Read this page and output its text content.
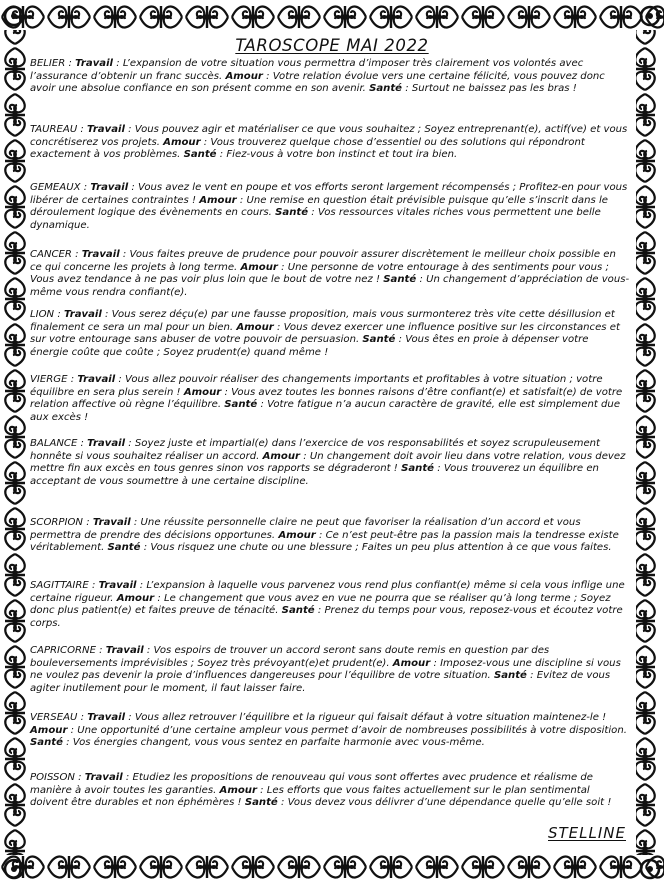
TAROSCOPE MAI 2022

BELIER : Travail : L’expansion de votre situation vous permettra d’imposer très clairement vos volontés avec l’assurance d’obtenir un franc succès. Amour : Votre relation évolue vers une certaine félicité, vous pouvez donc avoir une absolue confiance en son présent comme en son avenir. Santé : Surtout ne baissez pas les bras !

TAUREAU : Travail : Vous pouvez agir et matérialiser ce que vous souhaitez ; Soyez entreprenant(e), actif(ve) et vous concrétiserez vos projets. Amour : Vous trouverez quelque chose d’essentiel ou des solutions qui répondront exactement à vos problèmes. Santé : Fiez-vous à votre bon instinct et tout ira bien.

GEMEAUX : Travail : Vous avez le vent en poupe et vos efforts seront largement récompensés ; Profitez-en pour vous libérer de certaines contraintes ! Amour : Une remise en question était prévisible puisque qu’elle s’inscrit dans le déroulement logique des évènements en cours. Santé : Vos ressources vitales riches vous permettent une belle dynamique.

CANCER : Travail : Vous faites preuve de prudence pour pouvoir assurer discrètement le meilleur choix possible en ce qui concerne les projets à long terme. Amour : Une personne de votre entourage à des sentiments pour vous ; Vous avez tendance à ne pas voir plus loin que le bout de votre nez ! Santé : Un changement d’appréciation de vous-même vous rendra confiant(e).

LION : Travail : Vous serez déçu(e) par une fausse proposition, mais vous surmonterez très vite cette désillusion et finalement ce sera un mal pour un bien. Amour : Vous devez exercer une influence positive sur les circonstances et sur votre entourage sans abuser de votre pouvoir de persuasion. Santé : Vous êtes en proie à dépenser votre énergie coûte que coûte ; Soyez prudent(e) quand même !

VIERGE : Travail : Vous allez pouvoir réaliser des changements importants et profitables à votre situation ; votre équilibre en sera plus serein ! Amour : Vous avez toutes les bonnes raisons d’être confiant(e) et satisfait(e) de votre relation affective où règne l’équilibre. Santé : Votre fatigue n’a aucun caractère de gravité, elle est simplement due aux excès !

BALANCE : Travail : Soyez juste et impartial(e) dans l’exercice de vos responsabilités et soyez scrupuleusement honnête si vous souhaitez réaliser un accord. Amour : Un changement doit avoir lieu dans votre relation, vous devez mettre fin aux excès en tous genres sinon vos rapports se dégraderont ! Santé : Vous trouverez un équilibre en acceptant de vous soumettre à une certaine discipline.

SCORPION : Travail : Une réussite personnelle claire ne peut que favoriser la réalisation d’un accord et vous permettra de prendre des décisions opportunes. Amour : Ce n’est peut-être pas la passion mais la tendresse existe véritablement. Santé : Vous risquez une chute ou une blessure ; Faites un peu plus attention à ce que vous faites.

SAGITTAIRE : Travail : L’expansion à laquelle vous parvenez vous rend plus confiant(e) même si cela vous inflige une certaine rigueur. Amour : Le changement que vous avez en vue ne pourra que se réaliser qu’à long terme ; Soyez donc plus patient(e) et faites preuve de ténacité. Santé : Prenez du temps pour vous, reposez-vous et écoutez votre corps.

CAPRICORNE : Travail : Vos espoirs de trouver un accord seront sans doute remis en question par des bouleversements imprévisibles ; Soyez très prévoyant(e)et prudent(e). Amour : Imposez-vous une discipline si vous ne voulez pas devenir la proie d’influences dangereuses pour l’équilibre de votre situation. Santé : Evitez de vous agiter inutilement pour le moment, il faut laisser faire.

VERSEAU : Travail : Vous allez retrouver l’équilibre et la rigueur qui faisait défaut à votre situation maintenez-le ! Amour : Une opportunité d’une certaine ampleur vous permet d’avoir de nombreuses possibilités à votre disposition. Santé : Vos énergies changent, vous vous sentez en parfaite harmonie avec vous-même.

POISSON : Travail : Etudiez les propositions de renouveau qui vous sont offertes avec prudence et réalisme de manière à avoir toutes les garanties. Amour : Les efforts que vous faites actuellement sur le plan sentimental doivent être durables et non éphémères ! Santé : Vous devez vous délivrer d’une dépendance quelle qu’elle soit !

STELLINE
